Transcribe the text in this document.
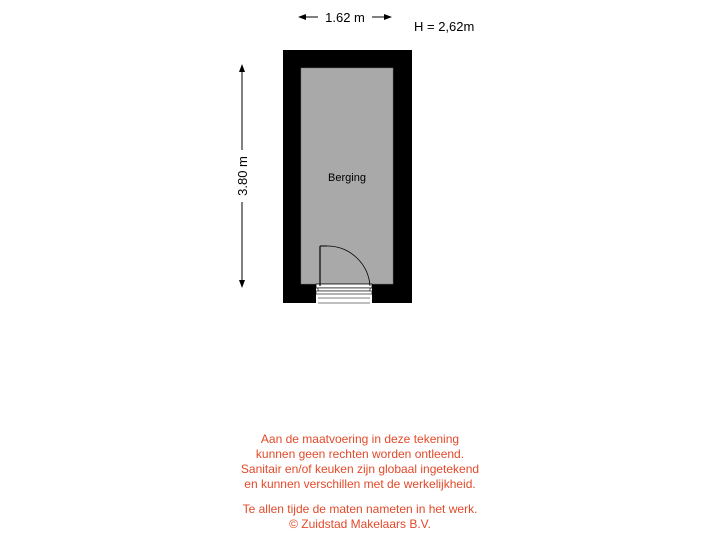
1.62 m
H = 2,62m
3.80 m	Berging
Aan de maatvoering in deze tekening
kunnen geen rechten worden ontleend.
Sanitair en/of keuken zijn globaal ingetekend
en kunnen verschillen met de werkelijkheid.
Te allen tijde de maten nameten in het werk.
© Zuidstad Makelaars B.V.
